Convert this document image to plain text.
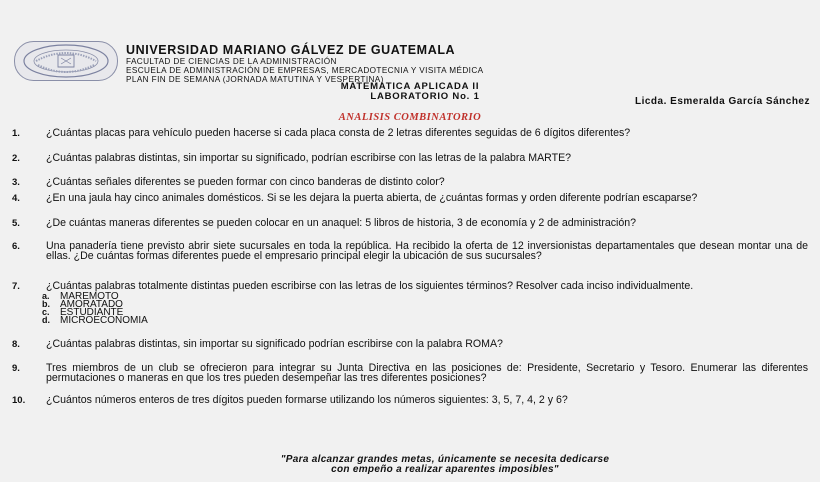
UNIVERSIDAD MARIANO GÁLVEZ DE GUATEMALA
FACULTAD DE CIENCIAS DE LA ADMINISTRACIÓN
ESCUELA DE ADMINISTRACIÓN DE EMPRESAS, MERCADOTECNIA Y VISITA MÉDICA
PLAN FIN DE SEMANA (JORNADA MATUTINA Y VESPERTINA)
MATEMATICA APLICADA II
LABORATORIO No. 1	Licda. Esmeralda García Sánchez
ANALISIS COMBINATORIO
1. ¿Cuántas placas para vehículo pueden hacerse si cada placa consta de 2 letras diferentes seguidas de 6 dígitos diferentes?
2. ¿Cuántas palabras distintas, sin importar su significado, podrían escribirse con las letras de la palabra MARTE?
3. ¿Cuántas señales diferentes se pueden formar con cinco banderas de distinto color?
4. ¿En una jaula hay cinco animales domésticos. Si se les dejara la puerta abierta, de ¿cuántas formas y orden diferente podrían escaparse?
5. ¿De cuántas maneras diferentes se pueden colocar en un anaquel: 5 libros de historia, 3 de economía y 2 de administración?
6. Una panadería tiene previsto abrir siete sucursales en toda la república. Ha recibido la oferta de 12 inversionistas departamentales que desean montar una de ellas. ¿De cuántas formas diferentes puede el empresario principal elegir la ubicación de sus sucursales?
7. ¿Cuántas palabras totalmente distintas pueden escribirse con las letras de los siguientes términos? Resolver cada inciso individualmente.
a. MAREMOTO
b. AMORATADO
c. ESTUDIANTE
d. MICROECONOMIA
8. ¿Cuántas palabras distintas, sin importar su significado podrían escribirse con la palabra ROMA?
9. Tres miembros de un club se ofrecieron para integrar su Junta Directiva en las posiciones de: Presidente, Secretario y Tesoro. Enumerar las diferentes permutaciones o maneras en que los tres pueden desempeñar las tres diferentes posiciones?
10. ¿Cuántos números enteros de tres dígitos pueden formarse utilizando los números siguientes: 3, 5, 7, 4, 2 y 6?
"Para alcanzar grandes metas, únicamente se necesita dedicarse
con empeño a realizar aparentes imposibles"
